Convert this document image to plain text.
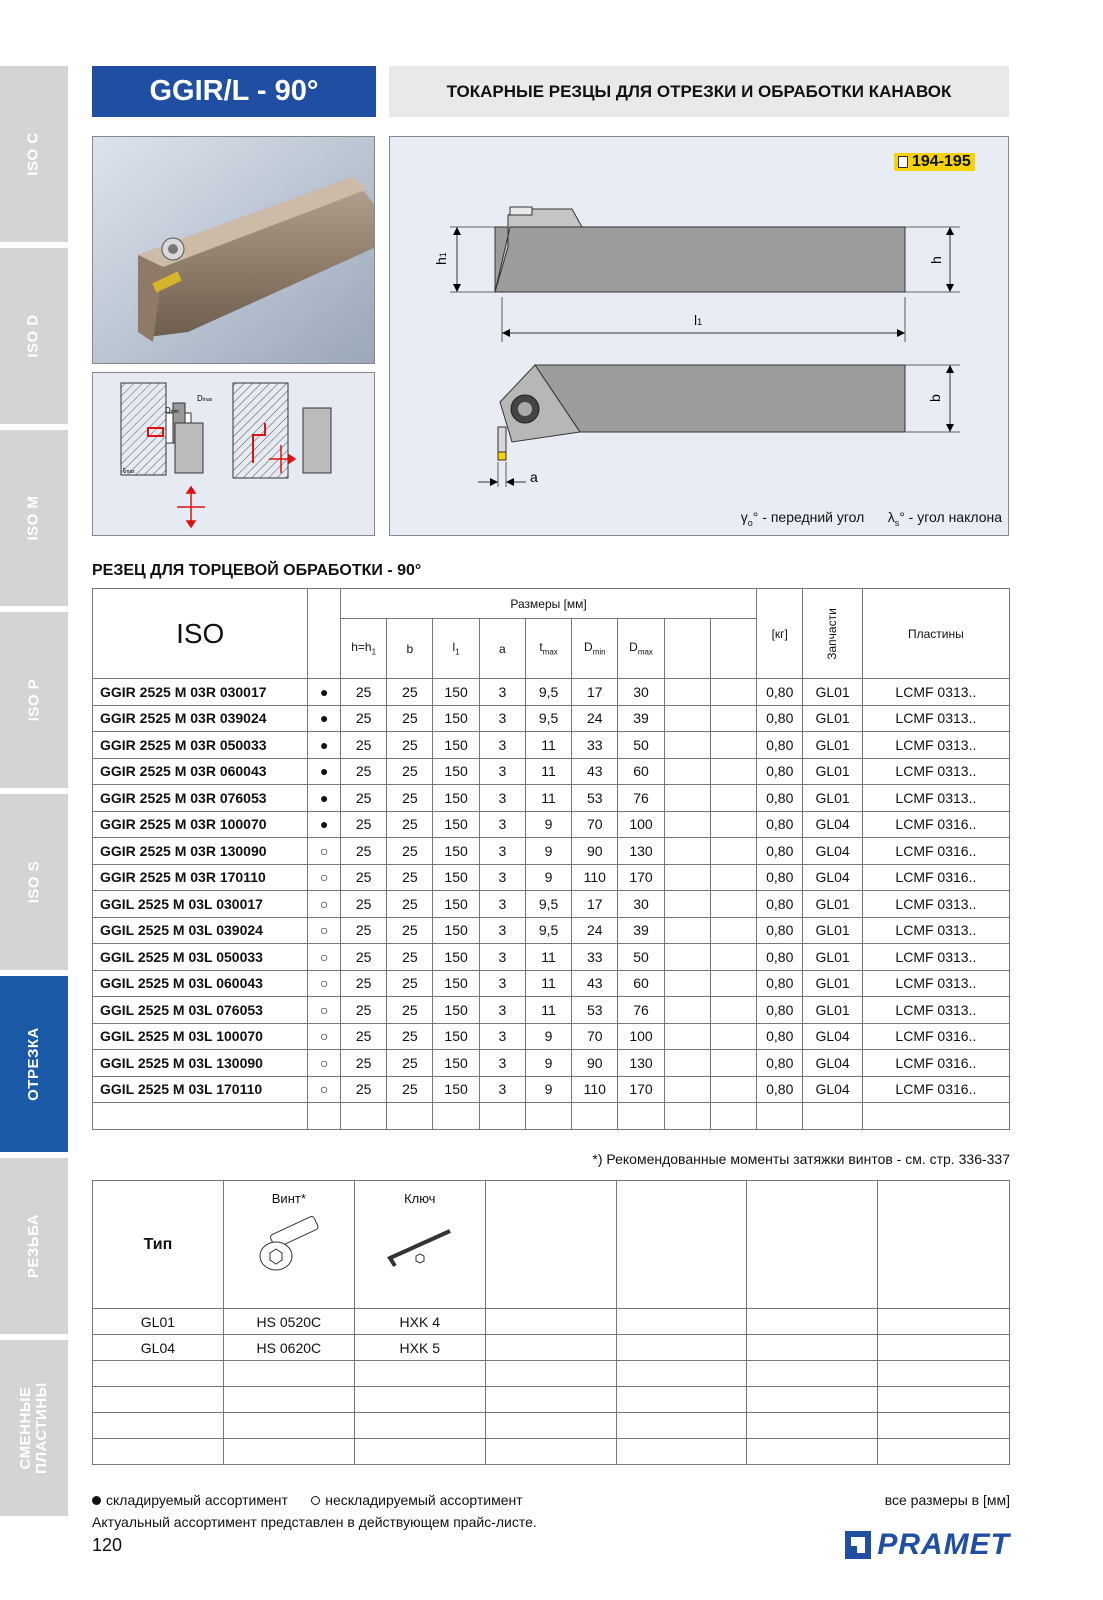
ISO C
ISO D
ISO M
ISO P
ISO S
ОТРЕЗКА
РЕЗЬБА
СМЕННЫЕ ПЛАСТИНЫ
GGIR/L - 90°	ТОКАРНЫЕ РЕЗЦЫ ДЛЯ ОТРЕЗКИ И ОБРАБОТКИ КАНАВОК
Dmax
Dmin
tmax
194-195
h1
h
l1
b
a
$\gamma_o^\circ$ - передний угол $\lambda_s^\circ$ - угол наклона
РЕЗЕЦ ДЛЯ ТОРЦЕВОЙ ОБРАБОТКИ - 90°
ISO		Размеры [мм]									[кг]	Запчасти	Пластины
		$h=h_1$	b	$l_1$	a	$t_{max}$	$D_{min}$	$D_{max}$		
GGIR 2525 M 03R 030017	●	25	25	150	3	9,5	17	30			0,80	GL01	LCMF 0313..
GGIR 2525 M 03R 039024	●	25	25	150	3	9,5	24	39			0,80	GL01	LCMF 0313..
GGIR 2525 M 03R 050033	●	25	25	150	3	11	33	50			0,80	GL01	LCMF 0313..
GGIR 2525 M 03R 060043	●	25	25	150	3	11	43	60			0,80	GL01	LCMF 0313..
GGIR 2525 M 03R 076053	●	25	25	150	3	11	53	76			0,80	GL01	LCMF 0313..
GGIR 2525 M 03R 100070	●	25	25	150	3	9	70	100			0,80	GL04	LCMF 0316..
GGIR 2525 M 03R 130090	○	25	25	150	3	9	90	130			0,80	GL04	LCMF 0316..
GGIR 2525 M 03R 170110	○	25	25	150	3	9	110	170			0,80	GL04	LCMF 0316..
GGIL 2525 M 03L 030017	○	25	25	150	3	9,5	17	30			0,80	GL01	LCMF 0313..
GGIL 2525 M 03L 039024	○	25	25	150	3	9,5	24	39			0,80	GL01	LCMF 0313..
GGIL 2525 M 03L 050033	○	25	25	150	3	11	33	50			0,80	GL01	LCMF 0313..
GGIL 2525 M 03L 060043	○	25	25	150	3	11	43	60			0,80	GL01	LCMF 0313..
GGIL 2525 M 03L 076053	○	25	25	150	3	11	53	76			0,80	GL01	LCMF 0313..
GGIL 2525 M 03L 100070	○	25	25	150	3	9	70	100			0,80	GL04	LCMF 0316..
GGIL 2525 M 03L 130090	○	25	25	150	3	9	90	130			0,80	GL04	LCMF 0316..
GGIL 2525 M 03L 170110	○	25	25	150	3	9	110	170			0,80	GL04	LCMF 0316..

*) Рекомендованные моменты затяжки винтов - см. стр. 336-337
Тип	Винт*	Ключ				

GL01	HS 0520C	HXK 4				
GL04	HS 0620C	HXK 5				

складируемый ассортимент	нескладируемый ассортимент	все размеры в [мм]
Актуальный ассортимент представлен в действующем прайс-листе.
120	PRAMET
